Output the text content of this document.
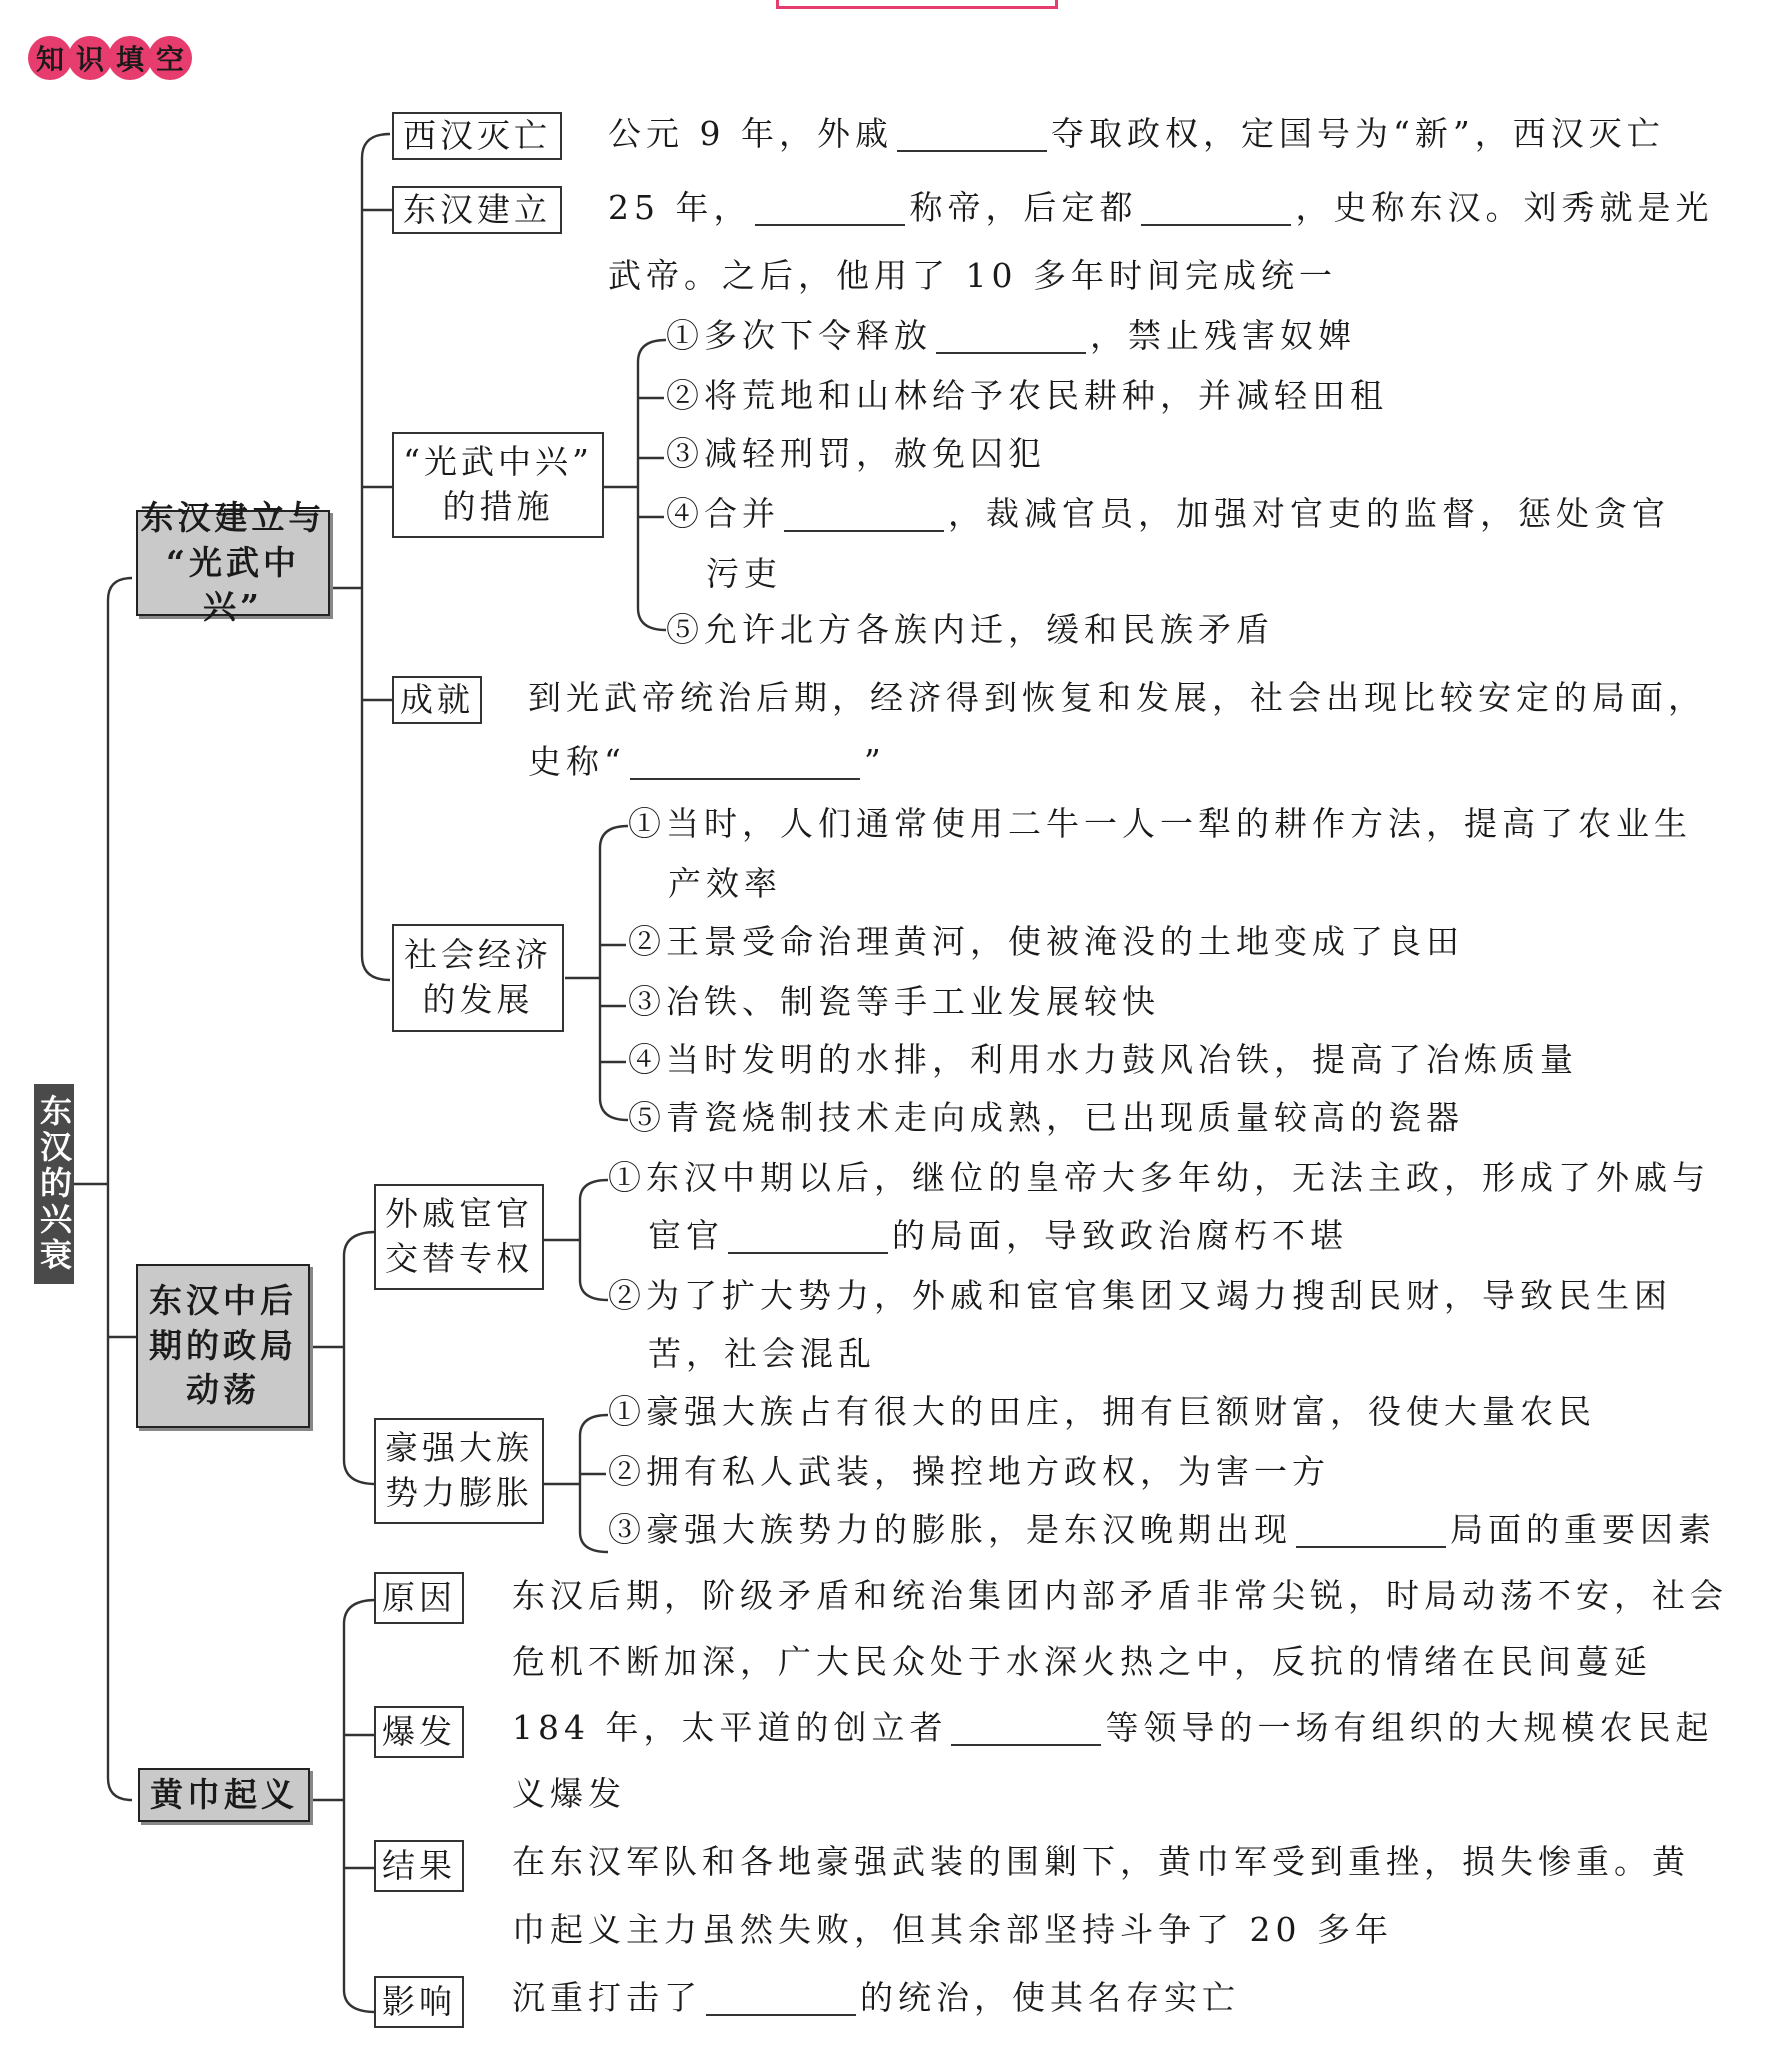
知 识 填 空
东汉的兴衰
东汉建立与
“光武中兴”
西汉灭亡	公元 9 年，外戚	夺取政权，定国号为“新”，西汉灭亡
东汉建立	25 年，	称帝，后定都	，史称东汉。刘秀就是光
武帝。之后，他用了 10 多年时间完成统一
“光武中兴”
的措施
①多次下令释放	，禁止残害奴婢
②将荒地和山林给予农民耕种，并减轻田租
③减轻刑罚，赦免囚犯
④合并	，裁减官员，加强对官吏的监督，惩处贪官
污吏
⑤允许北方各族内迁，缓和民族矛盾
成就 到光武帝统治后期，经济得到恢复和发展，社会出现比较安定的局面，
史称“	”
社会经济
的发展
①当时，人们通常使用二牛一人一犁的耕作方法，提高了农业生
产效率
②王景受命治理黄河，使被淹没的土地变成了良田
③冶铁、制瓷等手工业发展较快
④当时发明的水排，利用水力鼓风冶铁，提高了冶炼质量
⑤青瓷烧制技术走向成熟，已出现质量较高的瓷器
东汉中后
期的政局
动荡
外戚宦官
交替专权
①东汉中期以后，继位的皇帝大多年幼，无法主政，形成了外戚与
宦官	的局面，导致政治腐朽不堪
②为了扩大势力，外戚和宦官集团又竭力搜刮民财，导致民生困
苦，社会混乱
豪强大族
势力膨胀
①豪强大族占有很大的田庄，拥有巨额财富，役使大量农民
②拥有私人武装，操控地方政权，为害一方
③豪强大族势力的膨胀，是东汉晚期出现	局面的重要因素
黄巾起义
原因 东汉后期，阶级矛盾和统治集团内部矛盾非常尖锐，时局动荡不安，社会
危机不断加深，广大民众处于水深火热之中，反抗的情绪在民间蔓延
爆发 184 年，太平道的创立者	等领导的一场有组织的大规模农民起
义爆发
结果 在东汉军队和各地豪强武装的围剿下，黄巾军受到重挫，损失惨重。黄
巾起义主力虽然失败，但其余部坚持斗争了 20 多年
影响 沉重打击了	的统治，使其名存实亡
